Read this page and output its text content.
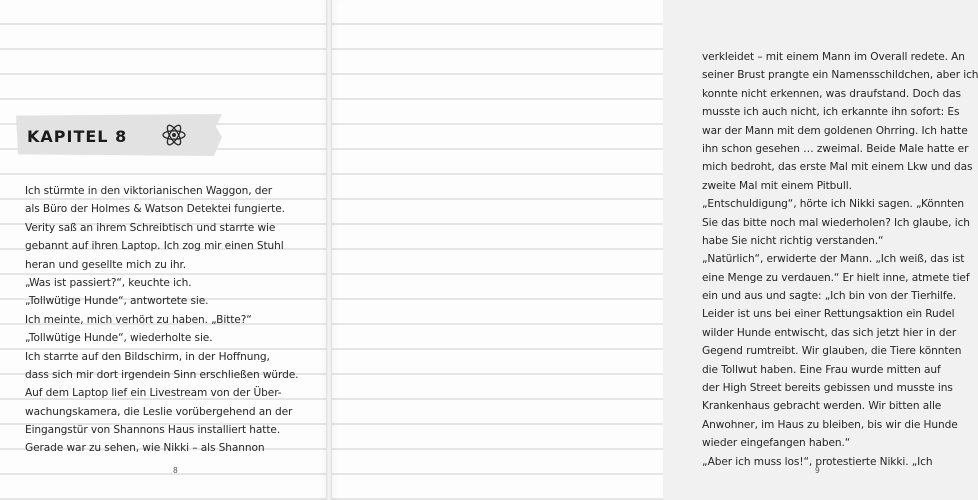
KAPITEL 8
Ich stürmte in den viktorianischen Waggon, der
als Büro der Holmes & Watson Detektei fungierte.
Verity saß an ihrem Schreibtisch und starrte wie
gebannt auf ihren Laptop. Ich zog mir einen Stuhl
heran und gesellte mich zu ihr.
„Was ist passiert?“, keuchte ich.
„Tollwütige Hunde“, antwortete sie.
Ich meinte, mich verhört zu haben. „Bitte?“
„Tollwütige Hunde“, wiederholte sie.
Ich starrte auf den Bildschirm, in der Hoffnung,
dass sich mir dort irgendein Sinn erschließen würde.
Auf dem Laptop lief ein Livestream von der Über-
wachungskamera, die Leslie vorübergehend an der
Eingangstür von Shannons Haus installiert hatte.
Gerade war zu sehen, wie Nikki – als Shannon
8
verkleidet – mit einem Mann im Overall redete. An
seiner Brust prangte ein Namensschildchen, aber ich
konnte nicht erkennen, was draufstand. Doch das
musste ich auch nicht, ich erkannte ihn sofort: Es
war der Mann mit dem goldenen Ohrring. Ich hatte
ihn schon gesehen … zweimal. Beide Male hatte er
mich bedroht, das erste Mal mit einem Lkw und das
zweite Mal mit einem Pitbull.
„Entschuldigung“, hörte ich Nikki sagen. „Könnten
Sie das bitte noch mal wiederholen? Ich glaube, ich
habe Sie nicht richtig verstanden.“
„Natürlich“, erwiderte der Mann. „Ich weiß, das ist
eine Menge zu verdauen.“ Er hielt inne, atmete tief
ein und aus und sagte: „Ich bin von der Tierhilfe.
Leider ist uns bei einer Rettungsaktion ein Rudel
wilder Hunde entwischt, das sich jetzt hier in der
Gegend rumtreibt. Wir glauben, die Tiere könnten
die Tollwut haben. Eine Frau wurde mitten auf
der High Street bereits gebissen und musste ins
Krankenhaus gebracht werden. Wir bitten alle
Anwohner, im Haus zu bleiben, bis wir die Hunde
wieder eingefangen haben.“
„Aber ich muss los!“, protestierte Nikki. „Ich
9
